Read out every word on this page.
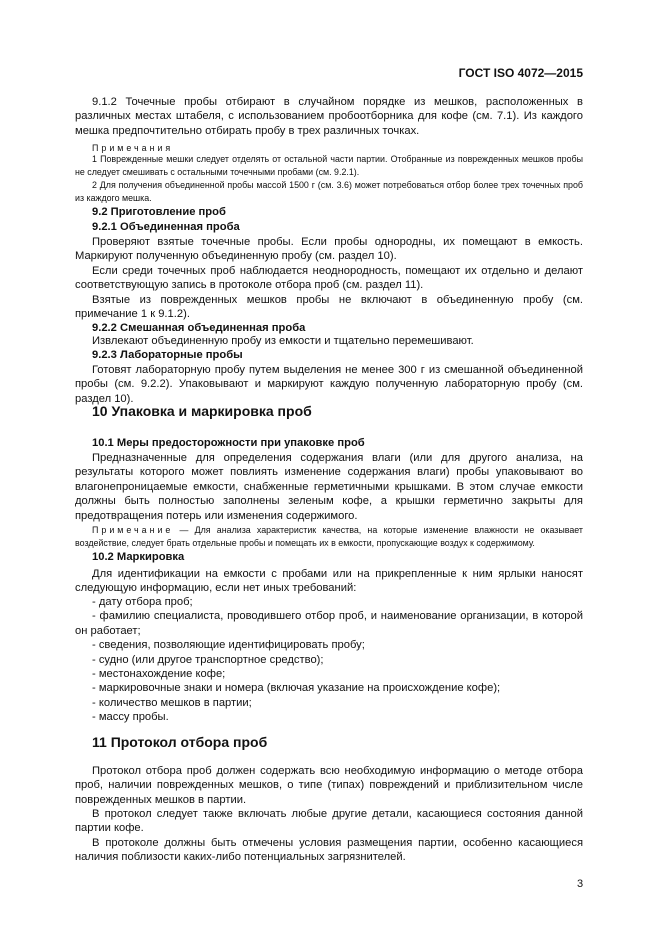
ГОСТ ISO 4072—2015
9.1.2 Точечные пробы отбирают в случайном порядке из мешков, расположенных в различных местах штабеля, с использованием пробоотборника для кофе (см. 7.1). Из каждого мешка предпочтительно отбирать пробу в трех различных точках.
Примечания
1 Поврежденные мешки следует отделять от остальной части партии. Отобранные из поврежденных мешков пробы не следует смешивать с остальными точечными пробами (см. 9.2.1).
2 Для получения объединенной пробы массой 1500 г (см. 3.6) может потребоваться отбор более трех точечных проб из каждого мешка.
9.2 Приготовление проб
9.2.1 Объединенная проба
Проверяют взятые точечные пробы. Если пробы однородны, их помещают в емкость. Маркируют полученную объединенную пробу (см. раздел 10).
Если среди точечных проб наблюдается неоднородность, помещают их отдельно и делают соответствующую запись в протоколе отбора проб (см. раздел 11).
Взятые из поврежденных мешков пробы не включают в объединенную пробу (см. примечание 1 к 9.1.2).
9.2.2 Смешанная объединенная проба
Извлекают объединенную пробу из емкости и тщательно перемешивают.
9.2.3 Лабораторные пробы
Готовят лабораторную пробу путем выделения не менее 300 г из смешанной объединенной пробы (см. 9.2.2). Упаковывают и маркируют каждую полученную лабораторную пробу (см. раздел 10).
10 Упаковка и маркировка проб
10.1 Меры предосторожности при упаковке проб
Предназначенные для определения содержания влаги (или для другого анализа, на результаты которого может повлиять изменение содержания влаги) пробы упаковывают во влагонепроницаемые емкости, снабженные герметичными крышками. В этом случае емкости должны быть полностью заполнены зеленым кофе, а крышки герметично закрыты для предотвращения потерь или изменения содержимого.
Примечание — Для анализа характеристик качества, на которые изменение влажности не оказывает воздействие, следует брать отдельные пробы и помещать их в емкости, пропускающие воздух к содержимому.
10.2 Маркировка
Для идентификации на емкости с пробами или на прикрепленные к ним ярлыки наносят следующую информацию, если нет иных требований:
- дату отбора проб;
- фамилию специалиста, проводившего отбор проб, и наименование организации, в которой он работает;
- сведения, позволяющие идентифицировать пробу;
- судно (или другое транспортное средство);
- местонахождение кофе;
- маркировочные знаки и номера (включая указание на происхождение кофе);
- количество мешков в партии;
- массу пробы.
11 Протокол отбора проб
Протокол отбора проб должен содержать всю необходимую информацию о методе отбора проб, наличии поврежденных мешков, о типе (типах) повреждений и приблизительном числе поврежденных мешков в партии.
В протокол следует также включать любые другие детали, касающиеся состояния данной партии кофе.
В протоколе должны быть отмечены условия размещения партии, особенно касающиеся наличия поблизости каких-либо потенциальных загрязнителей.
3
